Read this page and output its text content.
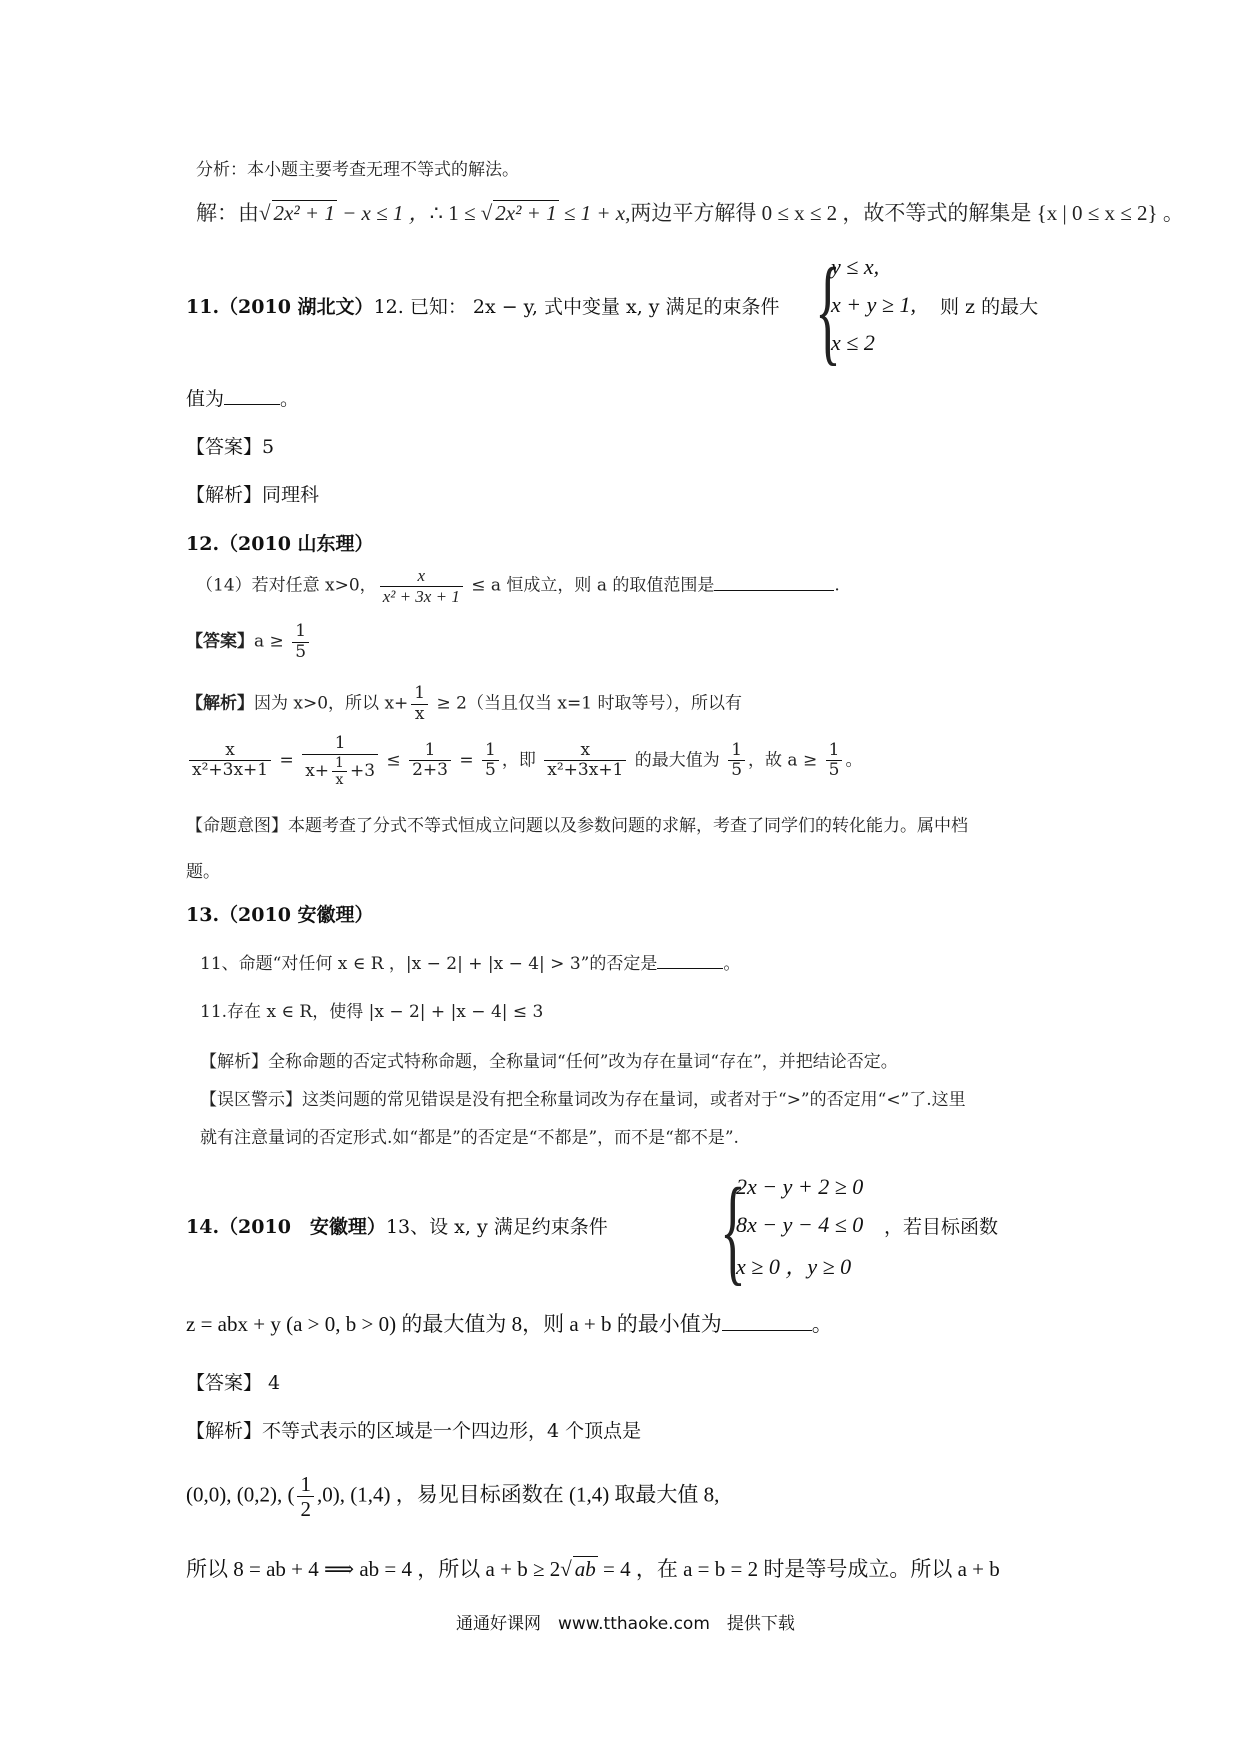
分析：本小题主要考查无理不等式的解法。
解：由√ 2x² + 1 − x ≤ 1 ，∴ 1 ≤ √ 2x² + 1 ≤ 1 + x,两边平方解得 0 ≤ x ≤ 2 ，故不等式的解集是 {x | 0 ≤ x ≤ 2} 。
11.（2010 湖北文）12. 已知： 2x − y, 式中变量 x, y 满足的束条件 {
y ≤ x,
x + y ≥ 1,
x ≤ 2
则 z 的最大
值为	。
【答案】5
【解析】同理科
12.（2010 山东理）
（14）若对任意 x>0， $\frac{x}{\text{x² + 3x + 1}} \le a$ 恒成立，则 a 的取值范围是	.
【答案】$a \ge \frac{1}{5}$
【解析】因为 x>0，所以 $x+ \frac{1}{x} \ge 2$（当且仅当 x=1 时取等号），所以有
$\frac{x}{\text{x²+3x+1}} = \frac{1}{x+ \frac{1}{x} +3} \le \frac{1}{2+3} = \frac{1}{5}$ ，即 $\frac{x}{\text{x²+3x+1}}$ 的最大值为 $\frac{1}{5}$ ，故 $a \ge \frac{1}{5}$ 。
【命题意图】本题考查了分式不等式恒成立问题以及参数问题的求解，考查了同学们的转化能力。属中档
题。
13.（2010 安徽理）
11、命题“对任何 x ∈ R ，|x − 2| + |x − 4| > 3”的否定是	。
11.存在 x ∈ R，使得 |x − 2| + |x − 4| ≤ 3
【解析】全称命题的否定式特称命题，全称量词“任何”改为存在量词“存在”，并把结论否定。
【误区警示】这类问题的常见错误是没有把全称量词改为存在量词，或者对于“>”的否定用“<”了.这里
就有注意量词的否定形式.如“都是”的否定是“不都是”，而不是“都不是”.
14.（2010　安徽理）13、设 x, y 满足约束条件 {
2x − y + 2 ≥ 0
8x − y − 4 ≤ 0
x ≥ 0 ，y ≥ 0
，若目标函数
z = abx + y (a > 0, b > 0) 的最大值为 8，则 a + b 的最小值为	。
【答案】 4
【解析】不等式表示的区域是一个四边形，4 个顶点是
(0,0), (0,2), ( $\frac{1}{2} ,0$), (1,4) ，易见目标函数在 (1,4) 取最大值 8,
所以 8 = ab + 4 ⟹ ab = 4 ，所以 a + b ≥ 2√ ab = 4 ，在 a = b = 2 时是等号成立。所以 a + b
通通好课网　www.tthaoke.com　提供下载
